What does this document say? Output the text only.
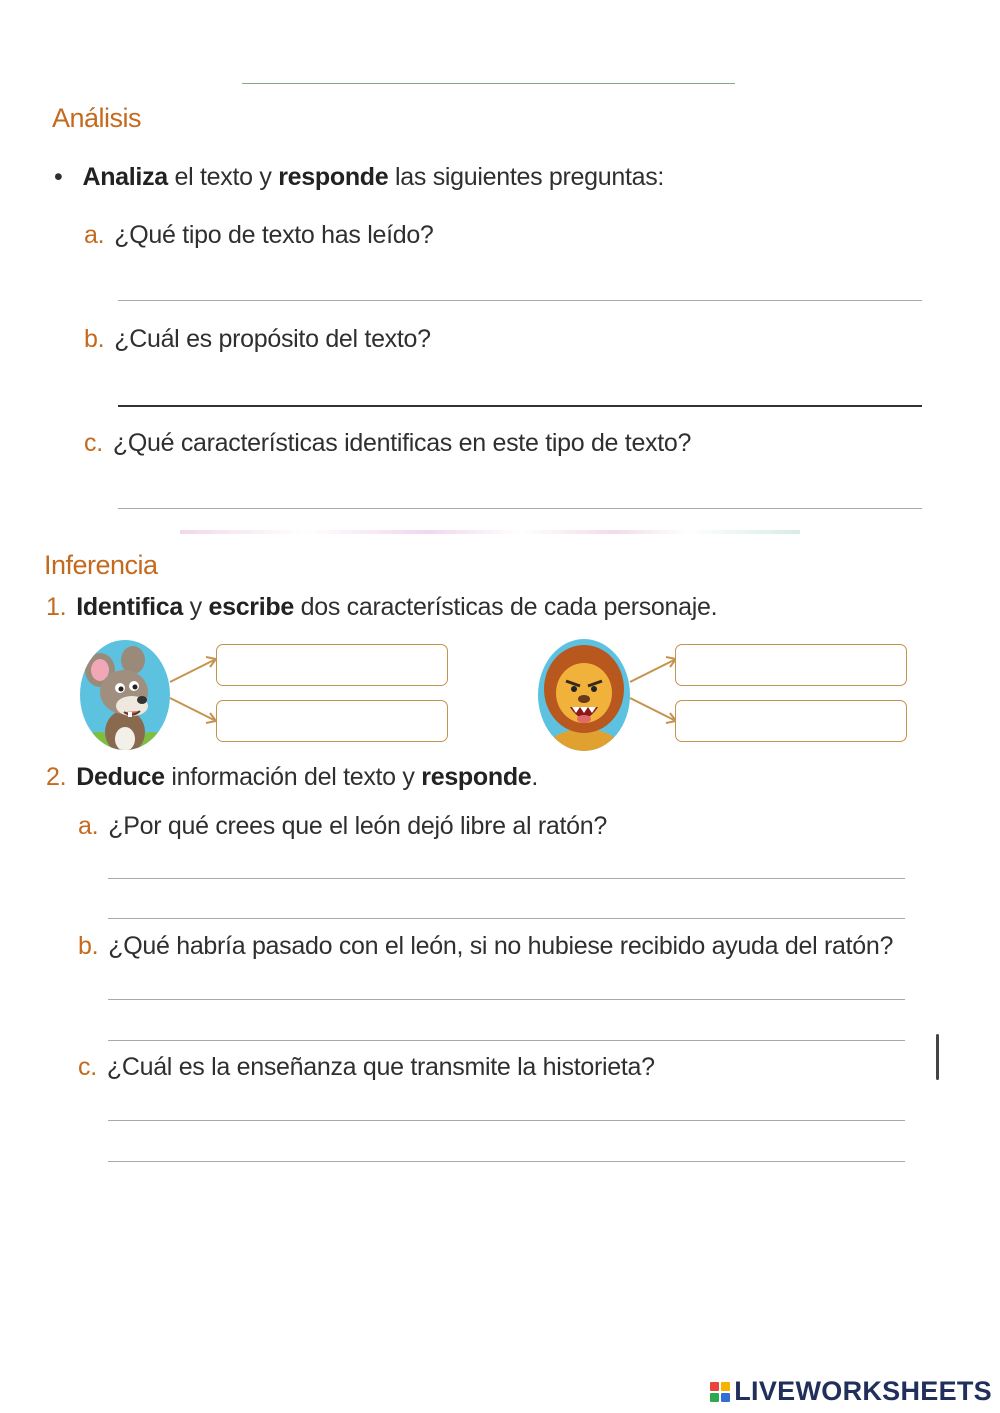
Análisis
• Analiza el texto y responde las siguientes preguntas:
a. ¿Qué tipo de texto has leído?
b. ¿Cuál es propósito del texto?
c. ¿Qué características identificas en este tipo de texto?
Inferencia
1. Identifica y escribe dos características de cada personaje.
2. Deduce información del texto y responde.
a. ¿Por qué crees que el león dejó libre al ratón?
b. ¿Qué habría pasado con el león, si no hubiese recibido ayuda del ratón?
c. ¿Cuál es la enseñanza que transmite la historieta?
LIVEWORKSHEETS
